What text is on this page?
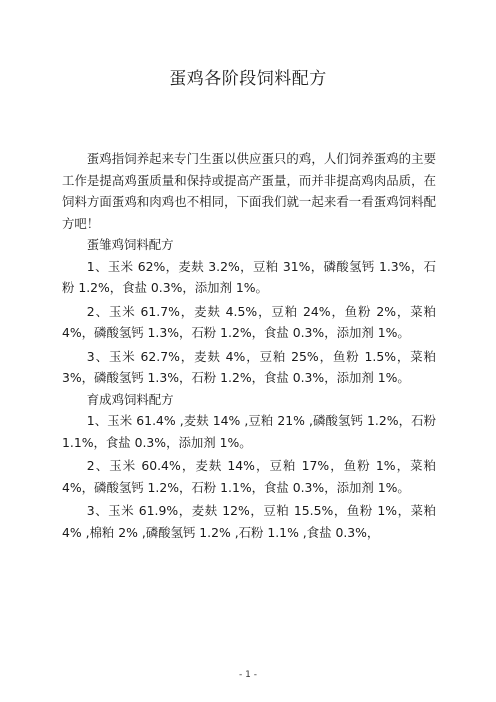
蛋鸡各阶段饲料配方

蛋鸡指饲养起来专门生蛋以供应蛋只的鸡，人们饲养蛋鸡的主要工作是提高鸡蛋质量和保持或提高产蛋量，而并非提高鸡肉品质，在饲料方面蛋鸡和肉鸡也不相同，下面我们就一起来看一看蛋鸡饲料配方吧！

蛋雏鸡饲料配方

1、玉米 62%，麦麸 3.2%，豆粕 31%，磷酸氢钙 1.3%，石粉 1.2%，食盐 0.3%，添加剂 1%。

2、玉米 61.7%，麦麸 4.5%，豆粕 24%，鱼粉 2%，菜粕 4%，磷酸氢钙 1.3%，石粉 1.2%，食盐 0.3%，添加剂 1%。

3、玉米 62.7%，麦麸 4%，豆粕 25%，鱼粉 1.5%，菜粕 3%，磷酸氢钙 1.3%，石粉 1.2%，食盐 0.3%，添加剂 1%。

育成鸡饲料配方

1、玉米 61.4% ,麦麸 14% ,豆粕 21% ,磷酸氢钙 1.2%，石粉 1.1%，食盐 0.3%，添加剂 1%。

2、玉米 60.4%，麦麸 14%，豆粕 17%，鱼粉 1%，菜粕 4%，磷酸氢钙 1.2%，石粉 1.1%，食盐 0.3%，添加剂 1%。

3、玉米 61.9%，麦麸 12%，豆粕 15.5%，鱼粉 1%，菜粕 4% ,棉粕 2% ,磷酸氢钙 1.2% ,石粉 1.1% ,食盐 0.3%，

- 1 -
